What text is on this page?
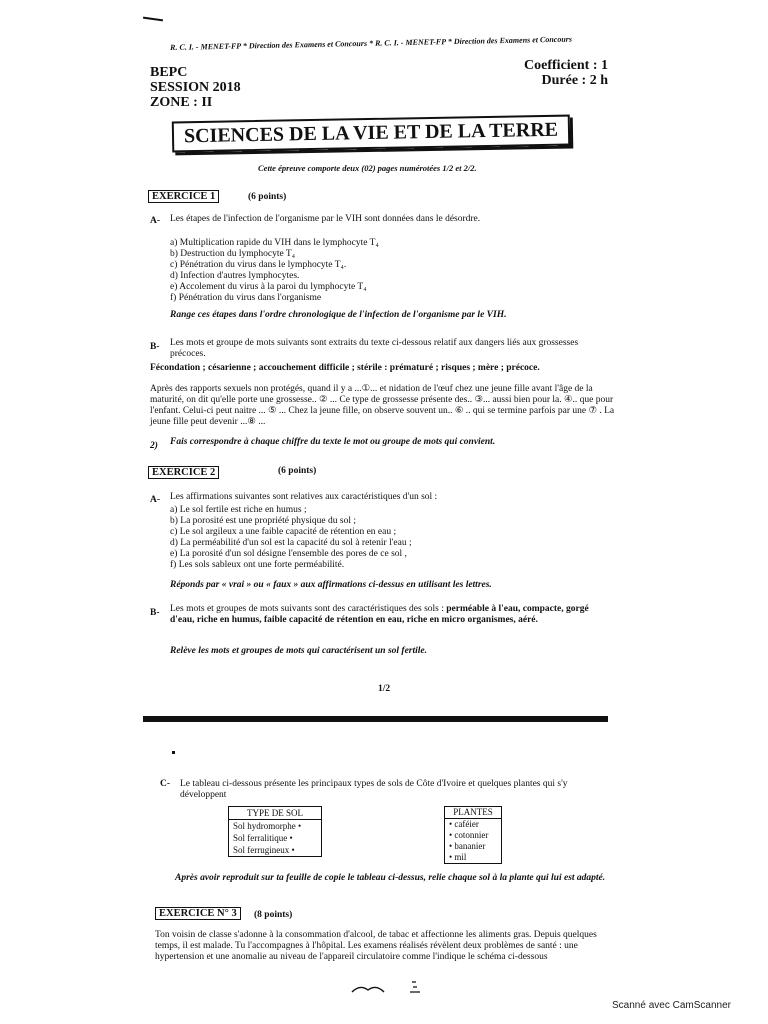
R. C. I. - MENET-FP * Direction des Examens et Concours * R. C. I. - MENET-FP * Direction des Examens et Concours
BEPC
SESSION 2018
ZONE : II
Coefficient : 1
Durée : 2 h
SCIENCES DE LA VIE ET DE LA TERRE
Cette épreuve comporte deux (02) pages numérotées 1/2 et 2/2.
EXERCICE 1	(6 points)
A- Les étapes de l'infection de l'organisme par le VIH sont données dans le désordre.
a) Multiplication rapide du VIH dans le lymphocyte T₄
b) Destruction du lymphocyte T₄
c) Pénétration du virus dans le lymphocyte T₄.
d) Infection d'autres lymphocytes.
e) Accolement du virus à la paroi du lymphocyte T₄
f) Pénétration du virus dans l'organisme
Range ces étapes dans l'ordre chronologique de l'infection de l'organisme par le VIH.
B- Les mots et groupe de mots suivants sont extraits du texte ci-dessous relatif aux dangers liés aux grossesses précoces.
Fécondation ; césarienne ; accouchement difficile ; stérile : prématuré ; risques ; mère ; précoce.
Après des rapports sexuels non protégés, quand il y a ...①... et nidation de l'œuf chez une jeune fille avant l'âge de la maturité, on dit qu'elle porte une grossesse.. ② ... Ce type de grossesse présente des.. ③... aussi bien pour la. ④.. que pour l'enfant. Celui-ci peut naitre ... ⑤ ... Chez la jeune fille, on observe souvent un.. ⑥ .. qui se termine parfois par une ⑦ . La jeune fille peut devenir ...⑧ ...
2) Fais correspondre à chaque chiffre du texte le mot ou groupe de mots qui convient.
EXERCICE 2	(6 points)
A- Les affirmations suivantes sont relatives aux caractéristiques d'un sol :
a) Le sol fertile est riche en humus ;
b) La porosité est une propriété physique du sol ;
c) Le sol argileux a une faible capacité de rétention en eau ;
d) La perméabilité d'un sol est la capacité du sol à retenir l'eau ;
e) La porosité d'un sol désigne l'ensemble des pores de ce sol ,
f) Les sols sableux ont une forte perméabilité.
Réponds par « vrai » ou « faux » aux affirmations ci-dessus en utilisant les lettres.
B- Les mots et groupes de mots suivants sont des caractéristiques des sols : perméable à l'eau, compacte, gorgé d'eau, riche en humus, faible capacité de rétention en eau, riche en micro organismes, aéré.
Relève les mots et groupes de mots qui caractérisent un sol fertile.
1/2
C- Le tableau ci-dessous présente les principaux types de sols de Côte d'Ivoire et quelques plantes qui s'y développent
TYPE DE SOL
Sol hydromorphe •
Sol ferralitique •
Sol ferrugineux •
PLANTES
• caféier
• cotonnier
• bananier
• mil
Après avoir reproduit sur ta feuille de copie le tableau ci-dessus, relie chaque sol à la plante qui lui est adapté.
EXERCICE N° 3	(8 points)
Ton voisin de classe s'adonne à la consommation d'alcool, de tabac et affectionne les aliments gras. Depuis quelques temps, il est malade. Tu l'accompagnes à l'hôpital. Les examens réalisés révèlent deux problèmes de santé : une hypertension et une anomalie au niveau de l'appareil circulatoire comme l'indique le schéma ci-dessous
Scanné avec CamScanner
